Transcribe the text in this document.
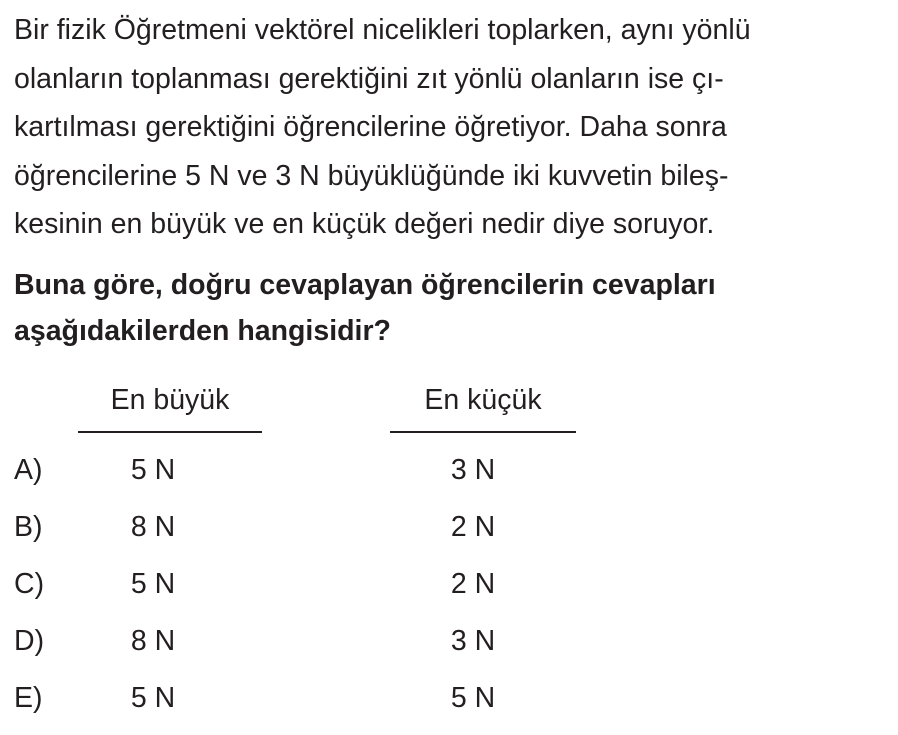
Bir fizik Öğretmeni vektörel nicelikleri toplarken, aynı yönlü
olanların toplanması gerektiğini zıt yönlü olanların ise çı-
kartılması gerektiğini öğrencilerine öğretiyor. Daha sonra
öğrencilerine 5 N ve 3 N büyüklüğünde iki kuvvetin bileş-
kesinin en büyük ve en küçük değeri nedir diye soruyor.
Buna göre, doğru cevaplayan öğrencilerin cevapları
aşağıdakilerden hangisidir?
En büyük	En küçük
A)	5 N	3 N
B)	8 N	2 N
C)	5 N	2 N
D)	8 N	3 N
E)	5 N	5 N
